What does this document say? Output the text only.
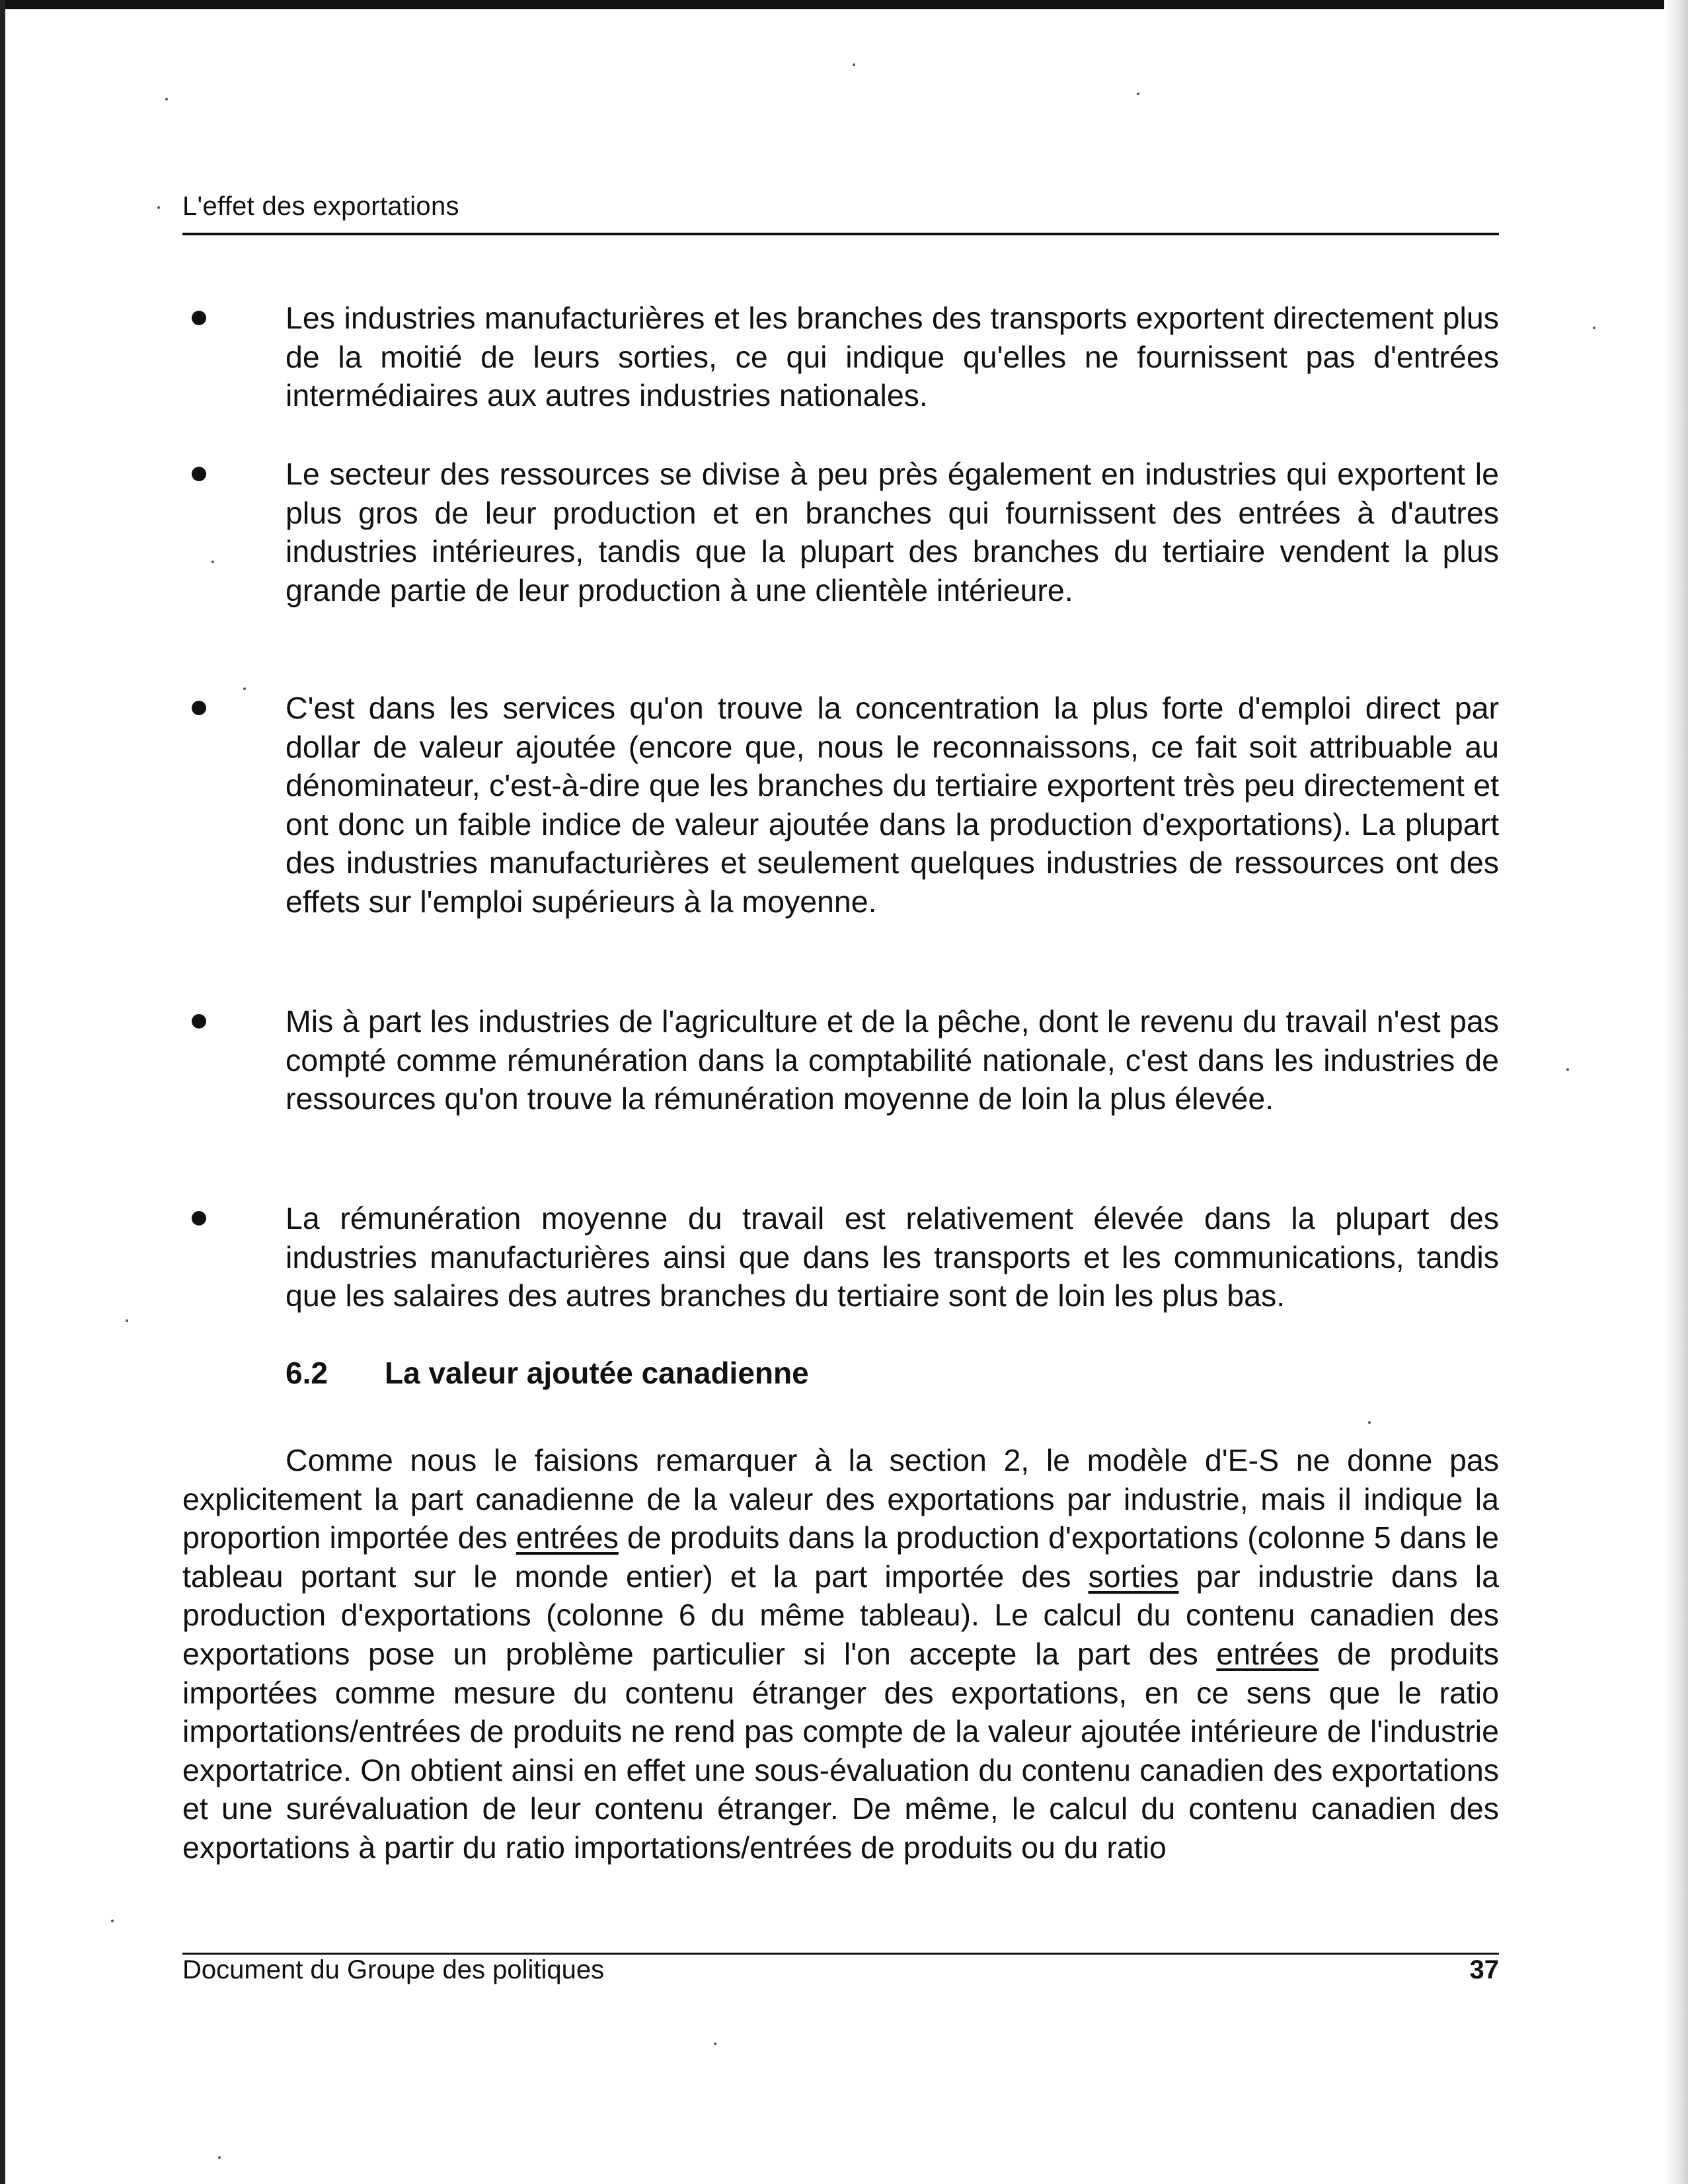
L'effet des exportations
Les industries manufacturières et les branches des transports exportent directement plus de la moitié de leurs sorties, ce qui indique qu'elles ne fournissent pas d'entrées intermédiaires aux autres industries nationales.
Le secteur des ressources se divise à peu près également en industries qui exportent le plus gros de leur production et en branches qui fournissent des entrées à d'autres industries intérieures, tandis que la plupart des branches du tertiaire vendent la plus grande partie de leur production à une clientèle intérieure.
C'est dans les services qu'on trouve la concentration la plus forte d'emploi direct par dollar de valeur ajoutée (encore que, nous le reconnaissons, ce fait soit attribuable au dénominateur, c'est-à-dire que les branches du tertiaire exportent très peu directement et ont donc un faible indice de valeur ajoutée dans la production d'exportations). La plupart des industries manufacturières et seulement quelques industries de ressources ont des effets sur l'emploi supérieurs à la moyenne.
Mis à part les industries de l'agriculture et de la pêche, dont le revenu du travail n'est pas compté comme rémunération dans la comptabilité nationale, c'est dans les industries de ressources qu'on trouve la rémunération moyenne de loin la plus élevée.
La rémunération moyenne du travail est relativement élevée dans la plupart des industries manufacturières ainsi que dans les transports et les communications, tandis que les salaires des autres branches du tertiaire sont de loin les plus bas.
6.2 La valeur ajoutée canadienne
Comme nous le faisions remarquer à la section 2, le modèle d'E-S ne donne pas explicitement la part canadienne de la valeur des exportations par industrie, mais il indique la proportion importée des entrées de produits dans la production d'exportations (colonne 5 dans le tableau portant sur le monde entier) et la part importée des sorties par industrie dans la production d'exportations (colonne 6 du même tableau). Le calcul du contenu canadien des exportations pose un problème particulier si l'on accepte la part des entrées de produits importées comme mesure du contenu étranger des exportations, en ce sens que le ratio importations/entrées de produits ne rend pas compte de la valeur ajoutée intérieure de l'industrie exportatrice. On obtient ainsi en effet une sous-évaluation du contenu canadien des exportations et une surévaluation de leur contenu étranger. De même, le calcul du contenu canadien des exportations à partir du ratio importations/entrées de produits ou du ratio
Document du Groupe des politiques	37
